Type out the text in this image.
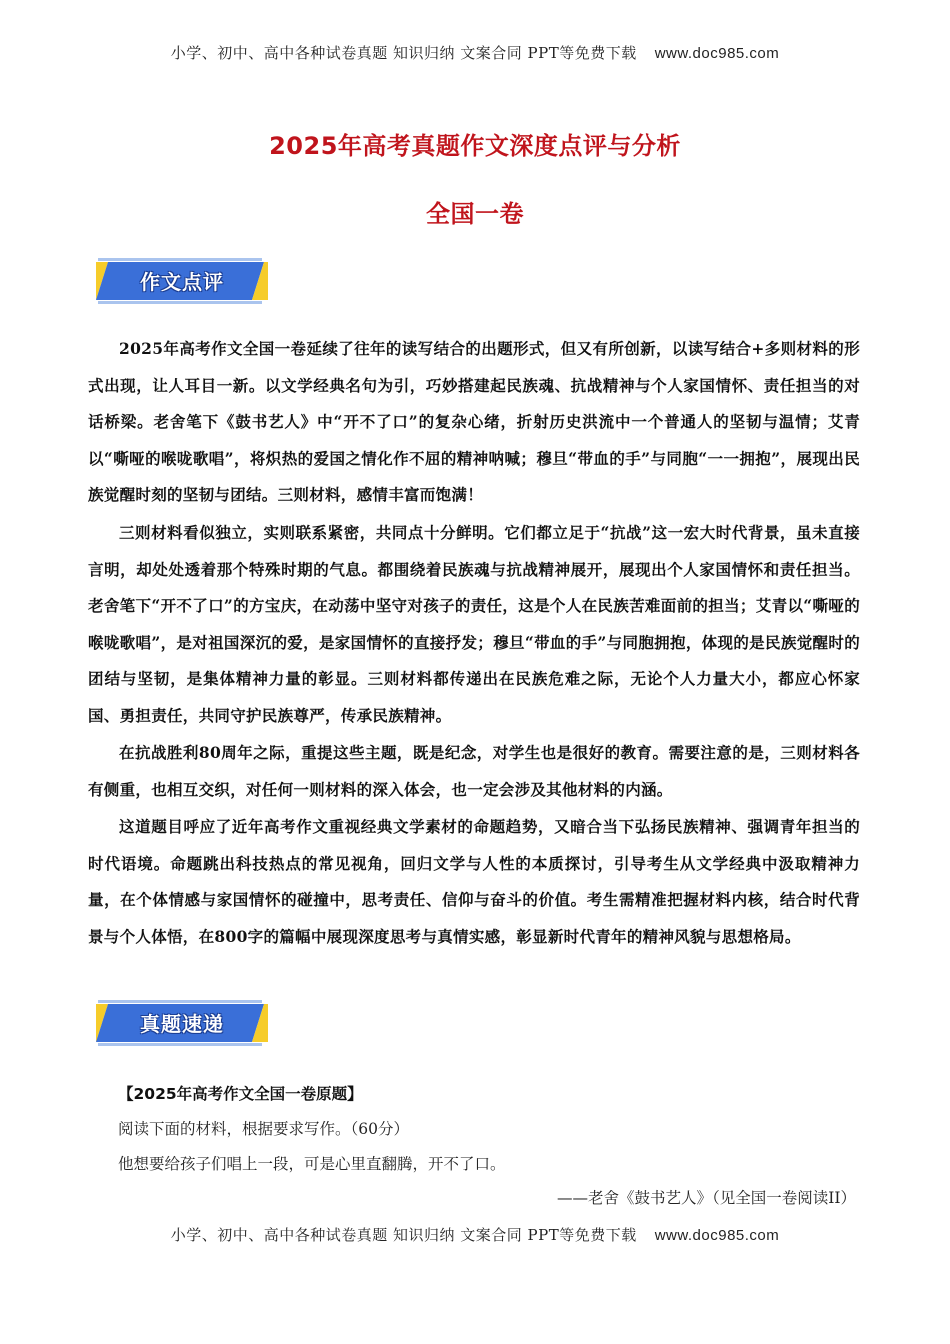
小学、初中、高中各种试卷真题 知识归纳 文案合同 PPT等免费下载 www.doc985.com
2025年高考真题作文深度点评与分析
全国一卷
作文点评
2025年高考作文全国一卷延续了往年的读写结合的出题形式，但又有所创新，以读写结合+多则材料的形式出现，让人耳目一新。以文学经典名句为引，巧妙搭建起民族魂、抗战精神与个人家国情怀、责任担当的对话桥梁。老舍笔下《鼓书艺人》中“开不了口”的复杂心绪，折射历史洪流中一个普通人的坚韧与温情；艾青以“嘶哑的喉咙歌唱”，将炽热的爱国之情化作不屈的精神呐喊；穆旦“带血的手”与同胞“一一拥抱”，展现出民族觉醒时刻的坚韧与团结。三则材料，感情丰富而饱满！
三则材料看似独立，实则联系紧密，共同点十分鲜明。它们都立足于“抗战”这一宏大时代背景，虽未直接言明，却处处透着那个特殊时期的气息。都围绕着民族魂与抗战精神展开，展现出个人家国情怀和责任担当。老舍笔下“开不了口”的方宝庆，在动荡中坚守对孩子的责任，这是个人在民族苦难面前的担当；艾青以“嘶哑的喉咙歌唱”，是对祖国深沉的爱，是家国情怀的直接抒发；穆旦“带血的手”与同胞拥抱，体现的是民族觉醒时的团结与坚韧，是集体精神力量的彰显。三则材料都传递出在民族危难之际，无论个人力量大小，都应心怀家国、勇担责任，共同守护民族尊严，传承民族精神。
在抗战胜利80周年之际，重提这些主题，既是纪念，对学生也是很好的教育。需要注意的是，三则材料各有侧重，也相互交织，对任何一则材料的深入体会，也一定会涉及其他材料的内涵。
这道题目呼应了近年高考作文重视经典文学素材的命题趋势，又暗合当下弘扬民族精神、强调青年担当的时代语境。命题跳出科技热点的常见视角，回归文学与人性的本质探讨，引导考生从文学经典中汲取精神力量，在个体情感与家国情怀的碰撞中，思考责任、信仰与奋斗的价值。考生需精准把握材料内核，结合时代背景与个人体悟，在800字的篇幅中展现深度思考与真情实感，彰显新时代青年的精神风貌与思想格局。
真题速递
【2025年高考作文全国一卷原题】
阅读下面的材料，根据要求写作。（60分）
他想要给孩子们唱上一段，可是心里直翻腾，开不了口。
——老舍《鼓书艺人》（见全国一卷阅读II）
小学、初中、高中各种试卷真题 知识归纳 文案合同 PPT等免费下载 www.doc985.com
